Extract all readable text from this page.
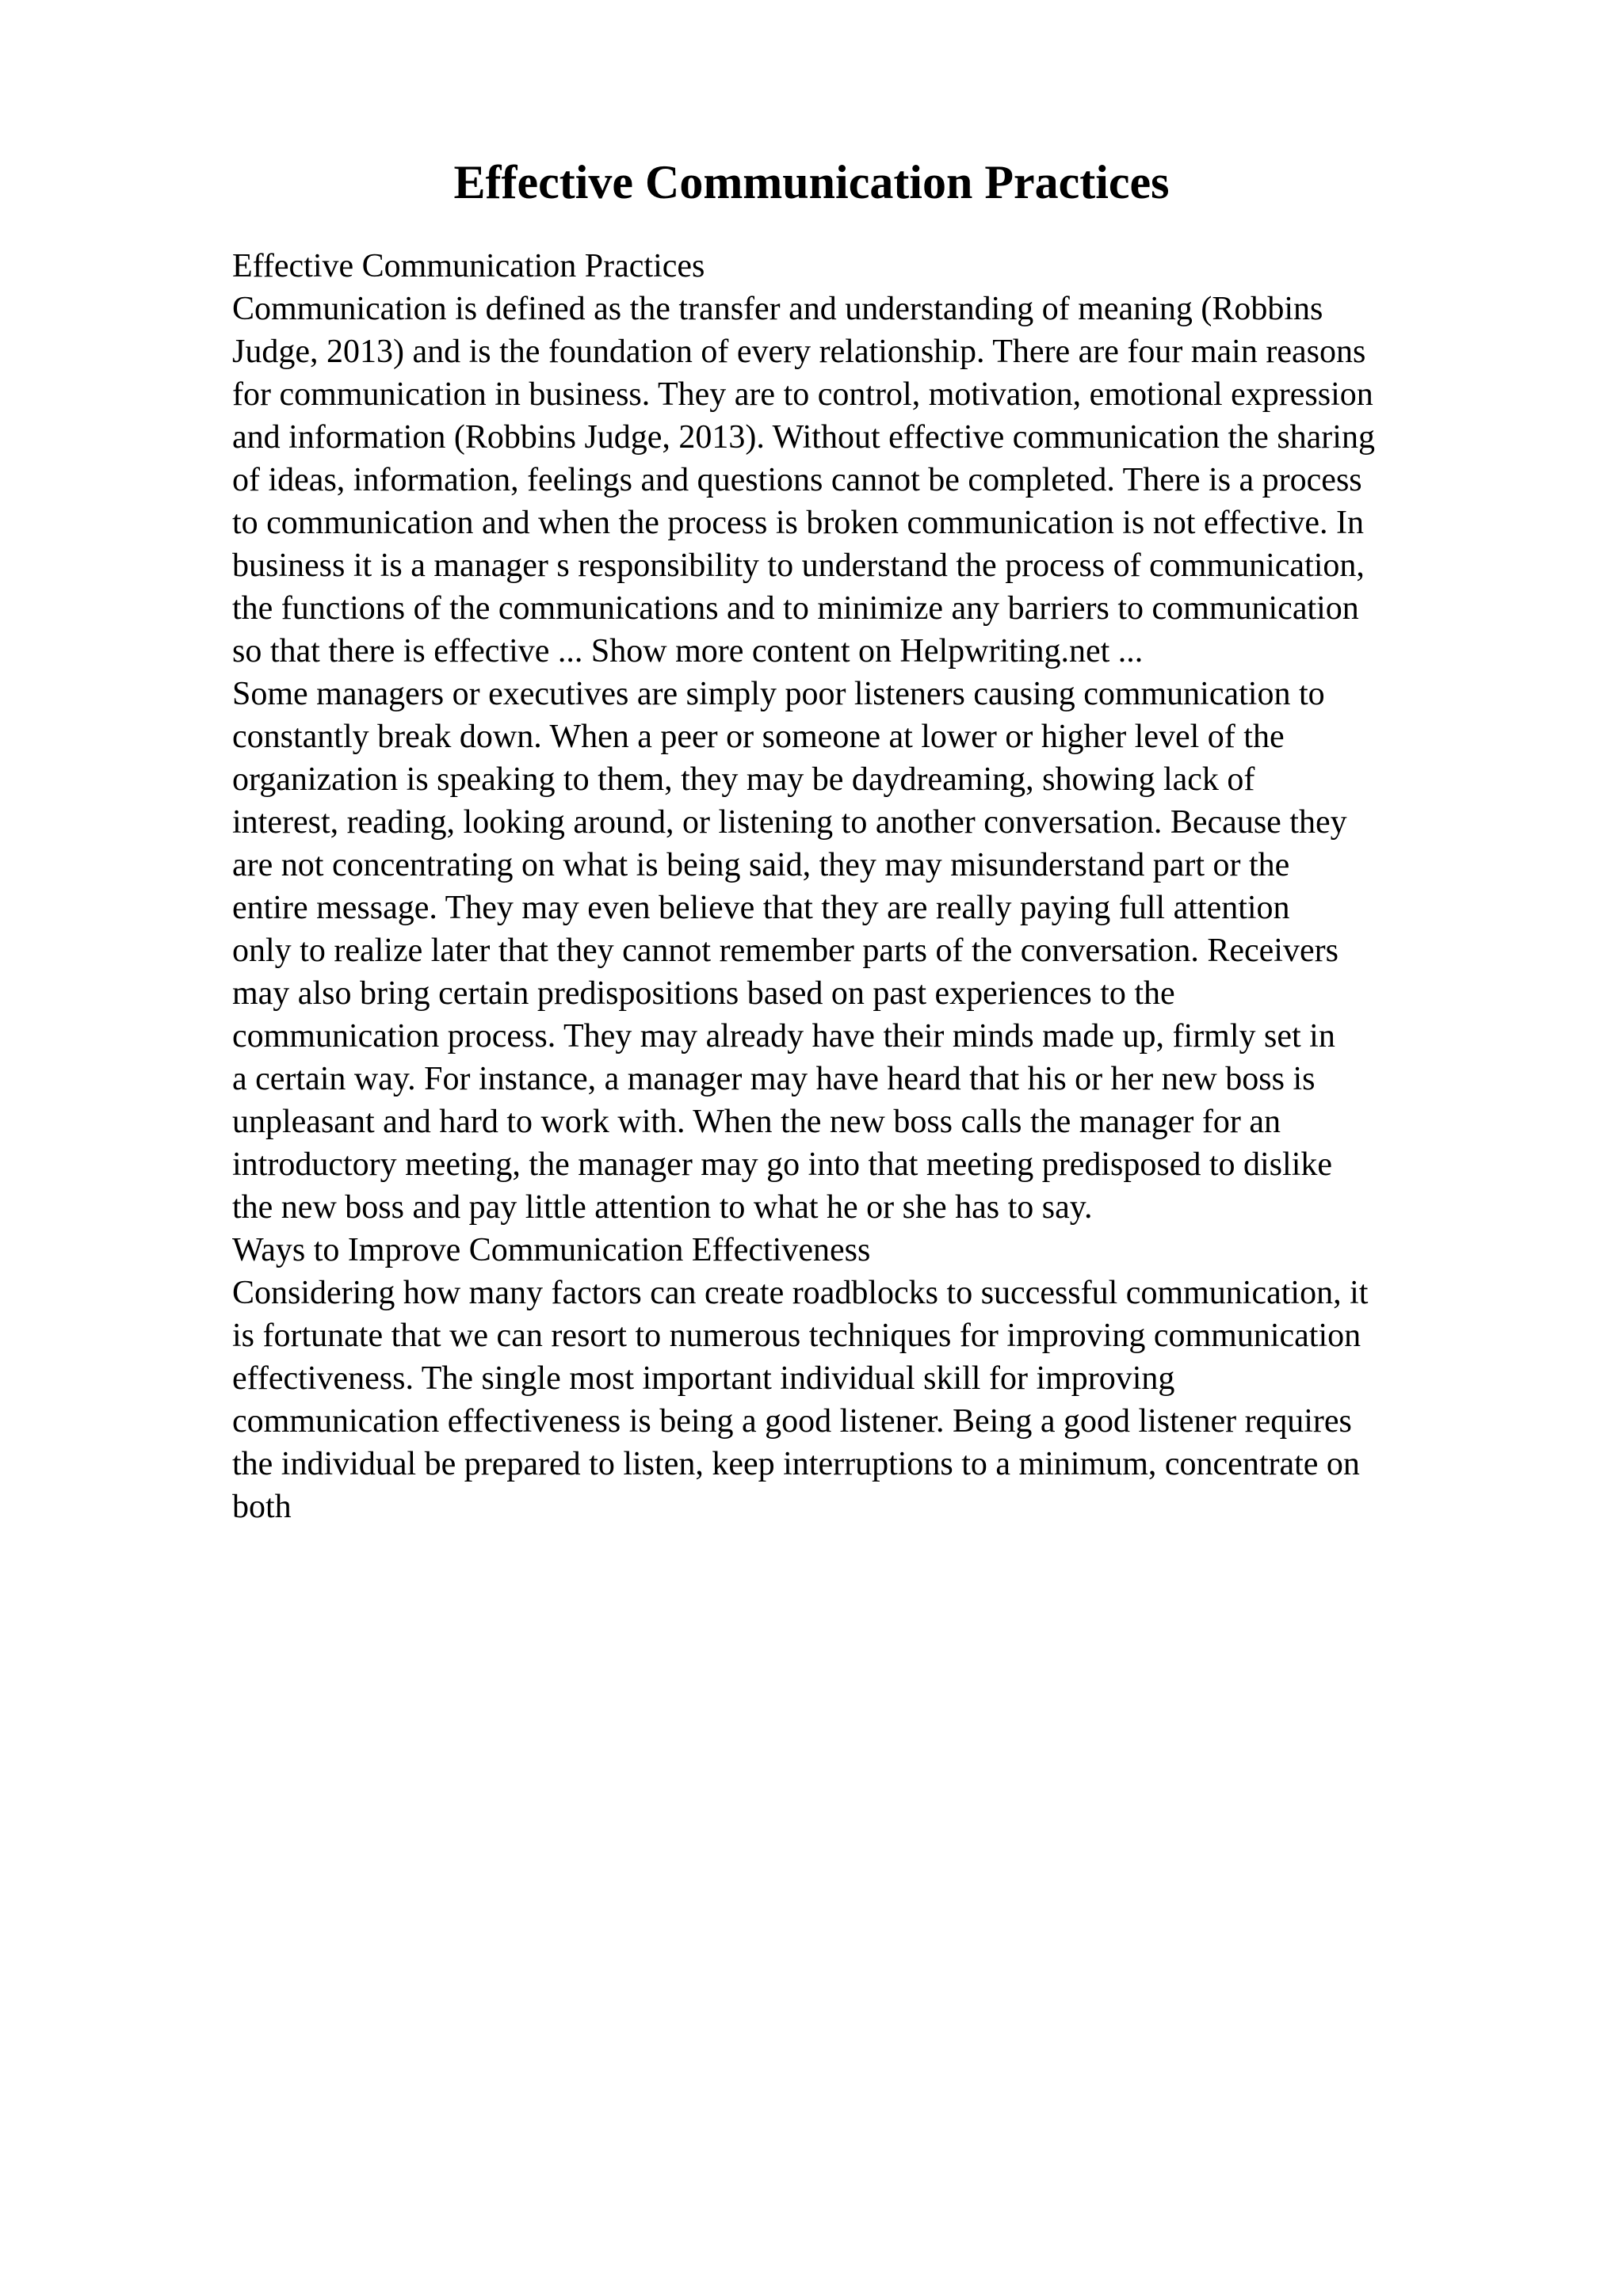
Effective Communication Practices
Effective Communication Practices
Communication is defined as the transfer and understanding of meaning (Robbins
Judge, 2013) and is the foundation of every relationship. There are four main reasons
for communication in business. They are to control, motivation, emotional expression
and information (Robbins Judge, 2013). Without effective communication the sharing
of ideas, information, feelings and questions cannot be completed. There is a process
to communication and when the process is broken communication is not effective. In
business it is a manager s responsibility to understand the process of communication,
the functions of the communications and to minimize any barriers to communication
so that there is effective ... Show more content on Helpwriting.net ...
Some managers or executives are simply poor listeners causing communication to
constantly break down. When a peer or someone at lower or higher level of the
organization is speaking to them, they may be daydreaming, showing lack of
interest, reading, looking around, or listening to another conversation. Because they
are not concentrating on what is being said, they may misunderstand part or the
entire message. They may even believe that they are really paying full attention
only to realize later that they cannot remember parts of the conversation. Receivers
may also bring certain predispositions based on past experiences to the
communication process. They may already have their minds made up, firmly set in
a certain way. For instance, a manager may have heard that his or her new boss is
unpleasant and hard to work with. When the new boss calls the manager for an
introductory meeting, the manager may go into that meeting predisposed to dislike
the new boss and pay little attention to what he or she has to say.
Ways to Improve Communication Effectiveness
Considering how many factors can create roadblocks to successful communication, it
is fortunate that we can resort to numerous techniques for improving communication
effectiveness. The single most important individual skill for improving
communication effectiveness is being a good listener. Being a good listener requires
the individual be prepared to listen, keep interruptions to a minimum, concentrate on
both
